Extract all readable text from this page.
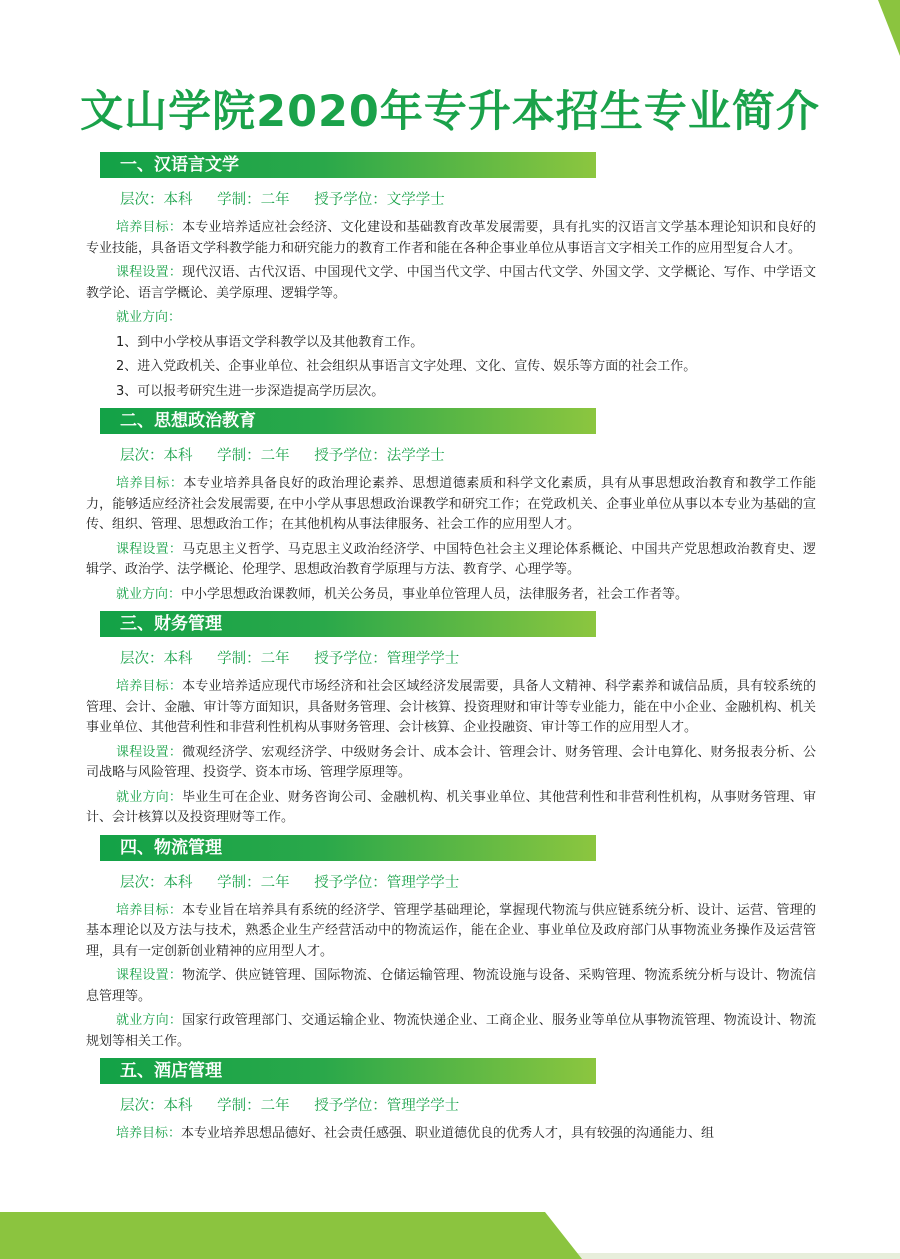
文山学院2020年专升本招生专业简介
一、汉语言文学
层次：本科 学制：二年 授予学位：文学学士

培养目标：本专业培养适应社会经济、文化建设和基础教育改革发展需要，具有扎实的汉语言文学基本理论知识和良好的专业技能，具备语文学科教学能力和研究能力的教育工作者和能在各种企事业单位从事语言文字相关工作的应用型复合人才。

课程设置：现代汉语、古代汉语、中国现代文学、中国当代文学、中国古代文学、外国文学、文学概论、写作、中学语文教学论、语言学概论、美学原理、逻辑学等。

就业方向：

1、到中小学校从事语文学科教学以及其他教育工作。
2、进入党政机关、企事业单位、社会组织从事语言文字处理、文化、宣传、娱乐等方面的社会工作。
3、可以报考研究生进一步深造提高学历层次。
二、思想政治教育
层次：本科 学制：二年 授予学位：法学学士

培养目标：本专业培养具备良好的政治理论素养、思想道德素质和科学文化素质，具有从事思想政治教育和教学工作能力，能够适应经济社会发展需要, 在中小学从事思想政治课教学和研究工作；在党政机关、企事业单位从事以本专业为基础的宣传、组织、管理、思想政治工作；在其他机构从事法律服务、社会工作的应用型人才。

课程设置：马克思主义哲学、马克思主义政治经济学、中国特色社会主义理论体系概论、中国共产党思想政治教育史、逻辑学、政治学、法学概论、伦理学、思想政治教育学原理与方法、教育学、心理学等。

就业方向：中小学思想政治课教师，机关公务员，事业单位管理人员，法律服务者，社会工作者等。

三、财务管理
层次：本科 学制：二年 授予学位：管理学学士

培养目标：本专业培养适应现代市场经济和社会区域经济发展需要，具备人文精神、科学素养和诚信品质，具有较系统的管理、会计、金融、审计等方面知识，具备财务管理、会计核算、投资理财和审计等专业能力，能在中小企业、金融机构、机关事业单位、其他营利性和非营利性机构从事财务管理、会计核算、企业投融资、审计等工作的应用型人才。

课程设置：微观经济学、宏观经济学、中级财务会计、成本会计、管理会计、财务管理、会计电算化、财务报表分析、公司战略与风险管理、投资学、资本市场、管理学原理等。

就业方向：毕业生可在企业、财务咨询公司、金融机构、机关事业单位、其他营利性和非营利性机构，从事财务管理、审计、会计核算以及投资理财等工作。

四、物流管理
层次：本科 学制：二年 授予学位：管理学学士

培养目标：本专业旨在培养具有系统的经济学、管理学基础理论，掌握现代物流与供应链系统分析、设计、运营、管理的基本理论以及方法与技术，熟悉企业生产经营活动中的物流运作，能在企业、事业单位及政府部门从事物流业务操作及运营管理，具有一定创新创业精神的应用型人才。

课程设置：物流学、供应链管理、国际物流、仓储运输管理、物流设施与设备、采购管理、物流系统分析与设计、物流信息管理等。

就业方向：国家行政管理部门、交通运输企业、物流快递企业、工商企业、服务业等单位从事物流管理、物流设计、物流规划等相关工作。

五、酒店管理
层次：本科 学制：二年 授予学位：管理学学士

培养目标：本专业培养思想品德好、社会责任感强、职业道德优良的优秀人才，具有较强的沟通能力、组
